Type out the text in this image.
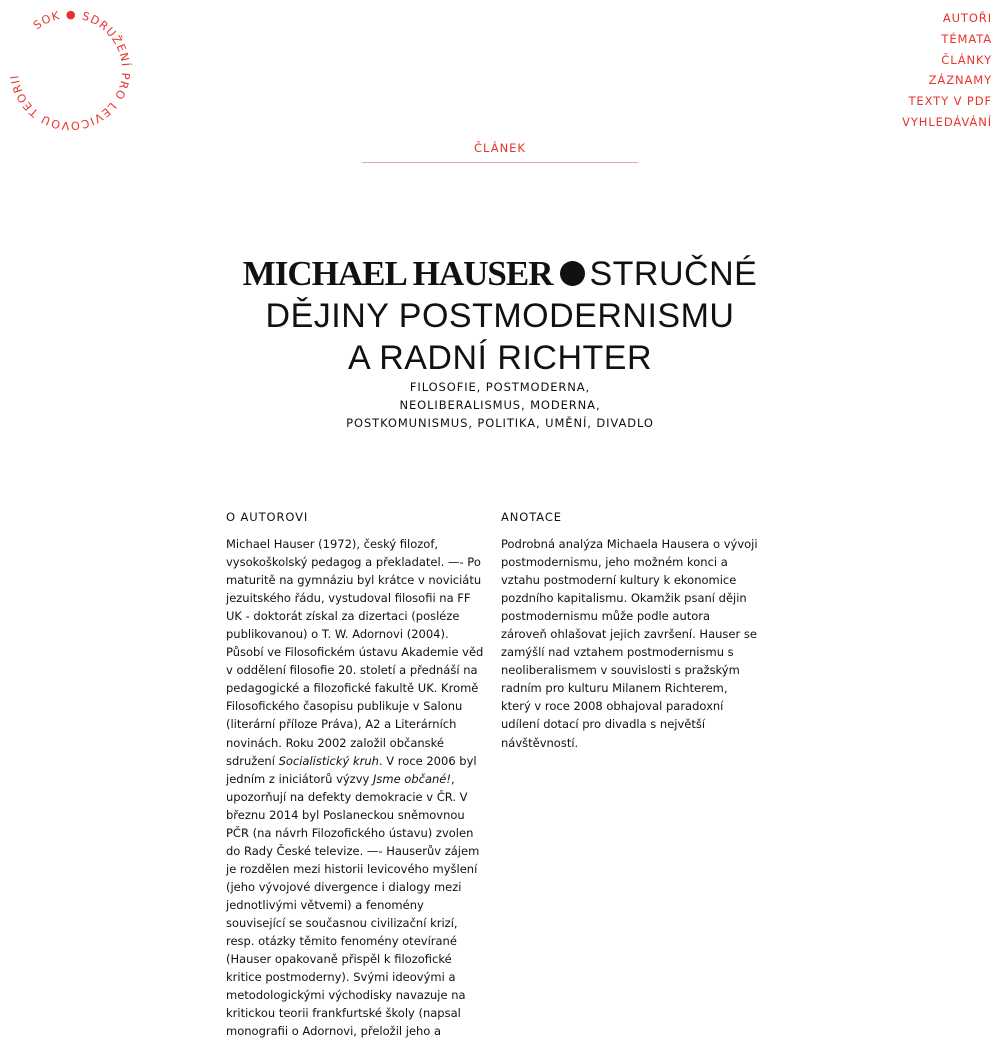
SOK ● SDRUŽENÍ PRO LEVICOVOU TEORII
AUTOŘI
TÉMATA
ČLÁNKY
ZÁZNAMY
TEXTY V PDF
VYHLEDÁVÁNÍ
ČLÁNEK
MICHAEL HAUSER STRUČNÉ
DĚJINY POSTMODERNISMU
A RADNÍ RICHTER
FILOSOFIE, POSTMODERNA,
NEOLIBERALISMUS, MODERNA,
POSTKOMUNISMUS, POLITIKA, UMĚNÍ, DIVADLO
O AUTOROVI

Michael Hauser (1972), český filozof, vysokoškolský pedagog a překladatel. —- Po maturitě na gymnáziu byl krátce v noviciátu jezuitského řádu, vystudoval filosofii na FF UK - doktorát získal za dizertaci (posléze publikovanou) o T. W. Adornovi (2004). Působí ve Filosofickém ústavu Akademie věd v oddělení filosofie 20. století a přednáší na pedagogické a filozofické fakultě UK. Kromě Filosofického časopisu publikuje v Salonu (literární příloze Práva), A2 a Literárních novinách. Roku 2002 založil občanské sdružení Socialistický kruh. V roce 2006 byl jedním z iniciátorů výzvy Jsme občané!, upozorňují na defekty demokracie v ČR. V březnu 2014 byl Poslaneckou sněmovnou PČR (na návrh Filozofického ústavu) zvolen do Rady České televize. —- Hauserův zájem je rozdělen mezi historii levicového myšlení (jeho vývojové divergence i dialogy mezi jednotlivými větvemi) a fenomény související se současnou civilizační krizí, resp. otázky těmito fenomény otevírané (Hauser opakovaně přispěl k filozofické kritice postmoderny). Svými ideovými a metodologickými východisky navazuje na kritickou teorii frankfurtské školy (napsal monografii o Adornovi, přeložil jeho a

ANOTACE

Podrobná analýza Michaela Hausera o vývoji postmodernismu, jeho možném konci a vztahu postmoderní kultury k ekonomice pozdního kapitalismu. Okamžik psaní dějin postmodernismu může podle autora zároveň ohlašovat jejich završení. Hauser se zamýšlí nad vztahem postmodernismu s neoliberalismem v souvislosti s pražským radním pro kulturu Milanem Richterem, který v roce 2008 obhajoval paradoxní udílení dotací pro divadla s největší návštěvností.
